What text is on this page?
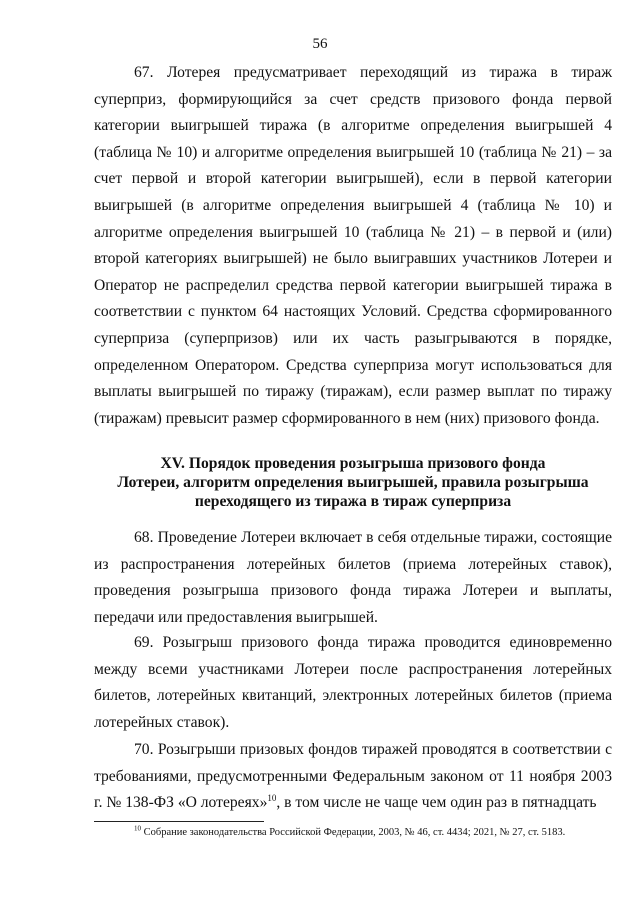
56

67. Лотерея предусматривает переходящий из тиража в тираж суперприз, формирующийся за счет средств призового фонда первой категории выигрышей тиража (в алгоритме определения выигрышей 4 (таблица № 10) и алгоритме определения выигрышей 10 (таблица № 21) – за счет первой и второй категории выигрышей), если в первой категории выигрышей (в алгоритме определения выигрышей 4 (таблица № 10) и алгоритме определения выигрышей 10 (таблица № 21) – в первой и (или) второй категориях выигрышей) не было выигравших участников Лотереи и Оператор не распределил средства первой категории выигрышей тиража в соответствии с пунктом 64 настоящих Условий. Средства сформированного суперприза (суперпризов) или их часть разыгрываются в порядке, определенном Оператором. Средства суперприза могут использоваться для выплаты выигрышей по тиражу (тиражам), если размер выплат по тиражу (тиражам) превысит размер сформированного в нем (них) призового фонда.

XV. Порядок проведения розыгрыша призового фонда
Лотереи, алгоритм определения выигрышей, правила розыгрыша
переходящего из тиража в тираж суперприза

68. Проведение Лотереи включает в себя отдельные тиражи, состоящие из распространения лотерейных билетов (приема лотерейных ставок), проведения розыгрыша призового фонда тиража Лотереи и выплаты, передачи или предоставления выигрышей.

69. Розыгрыш призового фонда тиража проводится единовременно между всеми участниками Лотереи после распространения лотерейных билетов, лотерейных квитанций, электронных лотерейных билетов (приема лотерейных ставок).

70. Розыгрыши призовых фондов тиражей проводятся в соответствии с требованиями, предусмотренными Федеральным законом от 11 ноября 2003 г. № 138-ФЗ «О лотереях»$^{10}$, в том числе не чаще чем один раз в пятнадцать

$^{10}$ Собрание законодательства Российской Федерации, 2003, № 46, ст. 4434; 2021, № 27, ст. 5183.
